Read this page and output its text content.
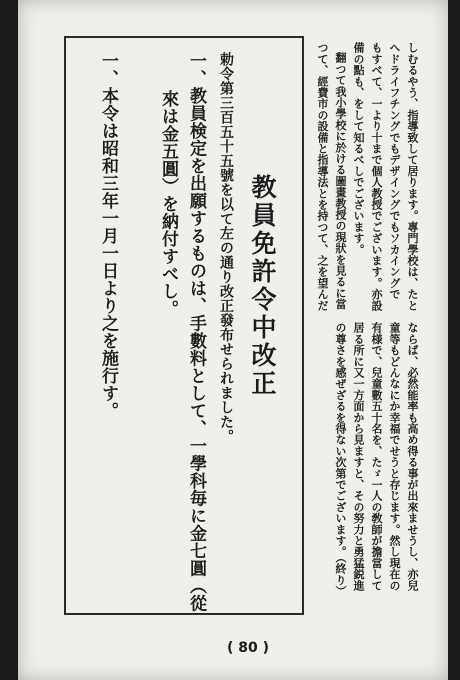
教員免許令中改正
勅令第三百五十五號を以て左の通り改正發布せられました。
一、教員検定を出願するものは、手數料として、一學科毎に金七圓（從
來は金五圓）を納付すべし。
一、本令は昭和三年一月一日より之を施行す。	しむるやう、指導致して居ります。專門學校は、たと
へドライフチングでもデザイングでもソカイングで
もすべて、一より十まで個人教授でございます。亦設
備の點も、をして知るべしでございます。
翻つて我小學校に於ける圖畫教授の現狀を見るに當
つて、經費市の設備と指導法とを持つて、之を望んだ
ならば、必然能率も高め得る事が出來ませうし、亦兒
童等もどんなにか幸福でせうと存じます。然し現在の
有様で、兒童數五十名を、たゞ一人の敎師が擔當して
居る所に又一方面から見ますと、その努力と勇猛鋭進
の尊さを感ぜざるを得ない次第でございます。（終り）
( 80 )
